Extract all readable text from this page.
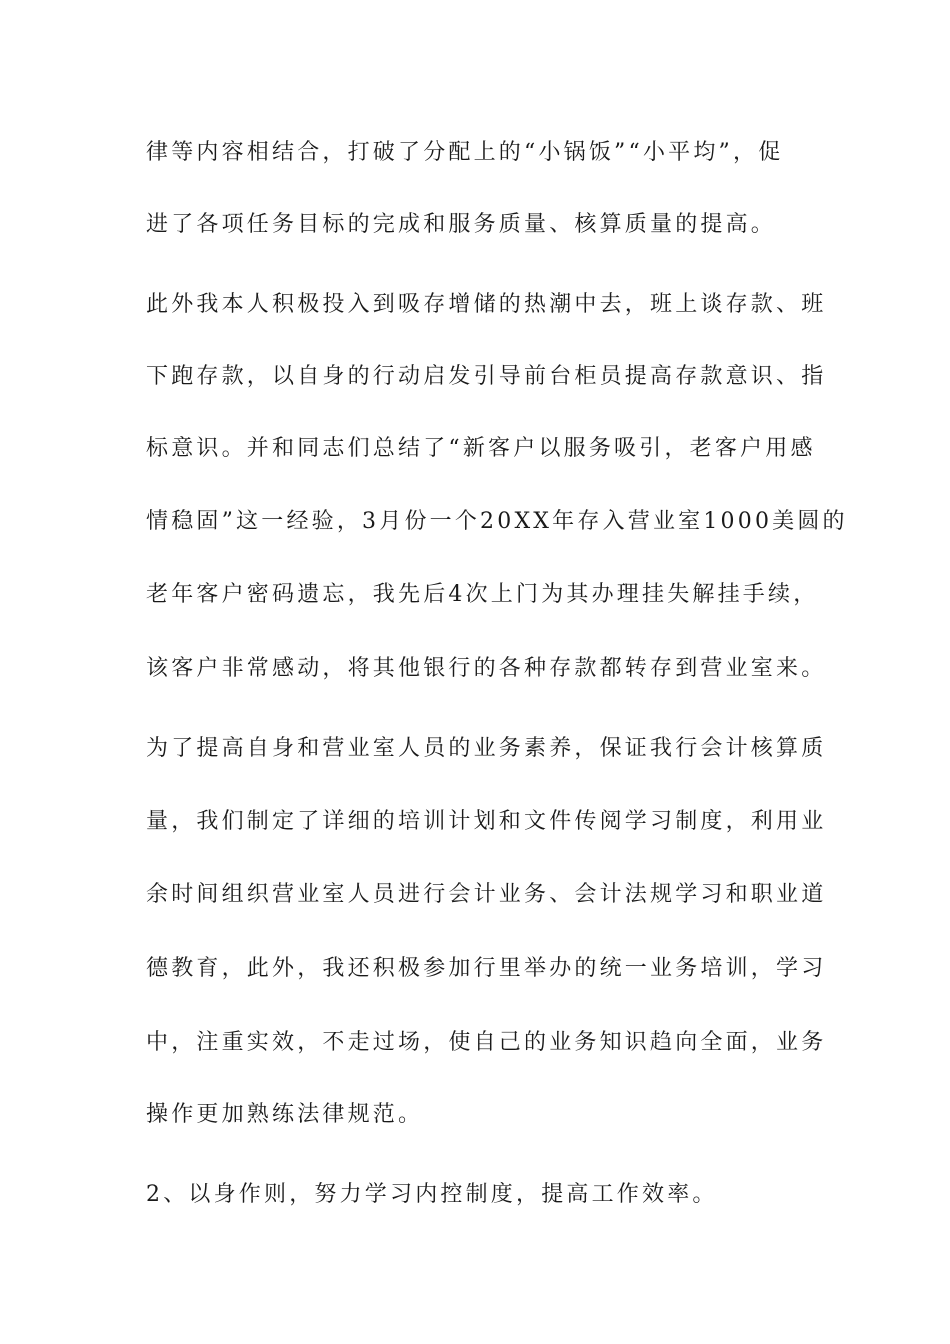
律等内容相结合，打破了分配上的“小锅饭”“小平均”，促
进了各项任务目标的完成和服务质量、核算质量的提高。
此外我本人积极投入到吸存增储的热潮中去，班上谈存款、班
下跑存款，以自身的行动启发引导前台柜员提高存款意识、指
标意识。并和同志们总结了“新客户以服务吸引，老客户用感
情稳固”这一经验，3月份一个20XX年存入营业室1000美圆的
老年客户密码遗忘，我先后4次上门为其办理挂失解挂手续，
该客户非常感动，将其他银行的各种存款都转存到营业室来。
为了提高自身和营业室人员的业务素养，保证我行会计核算质
量，我们制定了详细的培训计划和文件传阅学习制度，利用业
余时间组织营业室人员进行会计业务、会计法规学习和职业道
德教育，此外，我还积极参加行里举办的统一业务培训，学习
中，注重实效，不走过场，使自己的业务知识趋向全面，业务
操作更加熟练法律规范。
2、以身作则，努力学习内控制度，提高工作效率。
